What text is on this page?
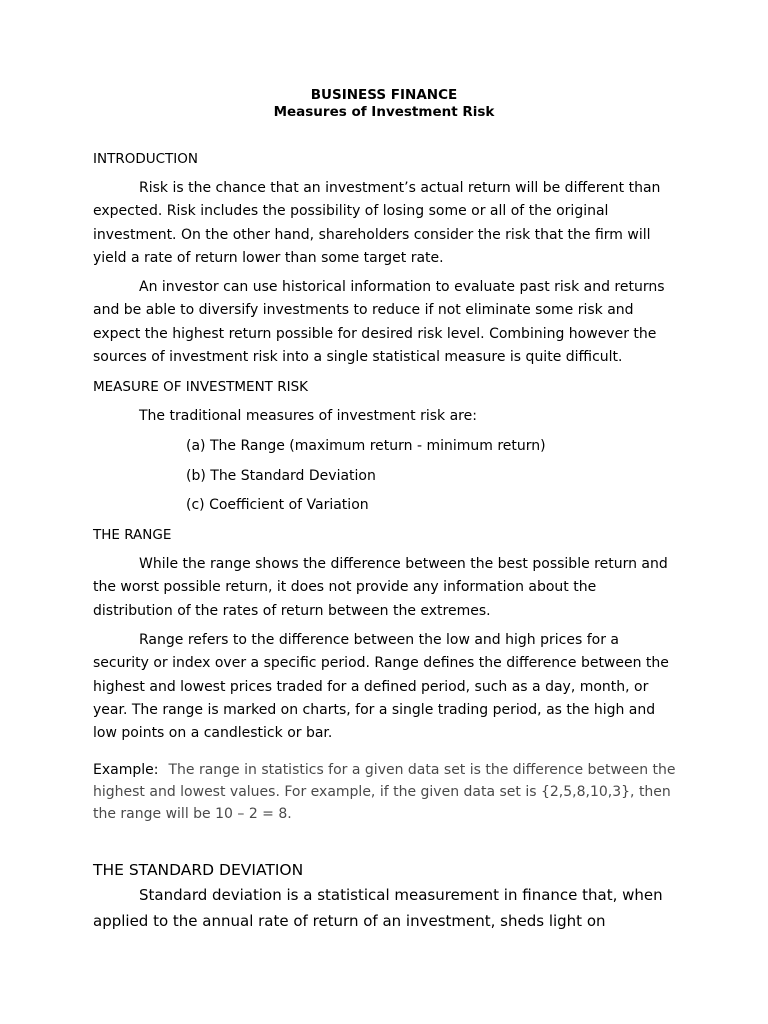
BUSINESS FINANCE
Measures of Investment Risk
INTRODUCTION

Risk is the chance that an investment’s actual return will be different than expected. Risk includes the possibility of losing some or all of the original investment. On the other hand, shareholders consider the risk that the firm will yield a rate of return lower than some target rate.

An investor can use historical information to evaluate past risk and returns and be able to diversify investments to reduce if not eliminate some risk and expect the highest return possible for desired risk level. Combining however the sources of investment risk into a single statistical measure is quite difficult.

MEASURE OF INVESTMENT RISK
The traditional measures of investment risk are:
(a) The Range (maximum return - minimum return)
(b) The Standard Deviation
(c) Coefficient of Variation
THE RANGE

While the range shows the difference between the best possible return and the worst possible return, it does not provide any information about the distribution of the rates of return between the extremes.

Range refers to the difference between the low and high prices for a security or index over a specific period. Range defines the difference between the highest and lowest prices traded for a defined period, such as a day, month, or year. The range is marked on charts, for a single trading period, as the high and low points on a candlestick or bar.

Example: The range in statistics for a given data set is the difference between the highest and lowest values. For example, if the given data set is {2,5,8,10,3}, then the range will be 10 – 2 = 8.

THE STANDARD DEVIATION

Standard deviation is a statistical measurement in finance that, when applied to the annual rate of return of an investment, sheds light on
